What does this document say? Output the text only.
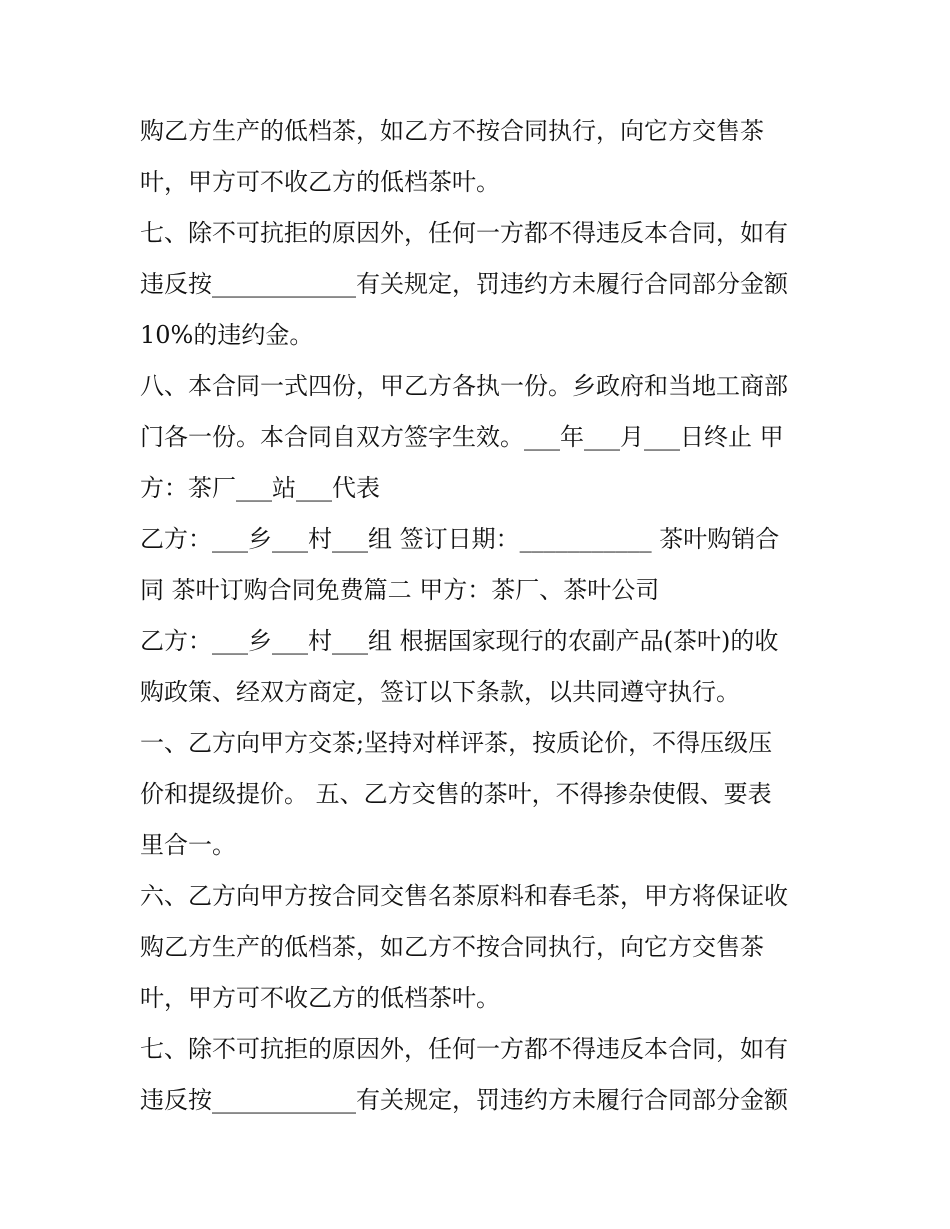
购乙方生产的低档茶，如乙方不按合同执行，向它方交售茶
叶，甲方可不收乙方的低档茶叶。
七、除不可抗拒的原因外，任何一方都不得违反本合同，如有
违反按____________有关规定，罚违约方未履行合同部分金额
10%的违约金。
八、本合同一式四份，甲乙方各执一份。乡政府和当地工商部
门各一份。本合同自双方签字生效。___年___月___日终止 甲
方：茶厂___站___代表
乙方：___乡___村___组 签订日期：___________ 茶叶购销合
同 茶叶订购合同免费篇二 甲方：茶厂、茶叶公司
乙方：___乡___村___组 根据国家现行的农副产品(茶叶)的收
购政策、经双方商定，签订以下条款，以共同遵守执行。
一、乙方向甲方交茶;坚持对样评茶，按质论价，不得压级压
价和提级提价。 五、乙方交售的茶叶，不得掺杂使假、要表
里合一。
六、乙方向甲方按合同交售名茶原料和春毛茶，甲方将保证收
购乙方生产的低档茶，如乙方不按合同执行，向它方交售茶
叶，甲方可不收乙方的低档茶叶。
七、除不可抗拒的原因外，任何一方都不得违反本合同，如有
违反按____________有关规定，罚违约方未履行合同部分金额
